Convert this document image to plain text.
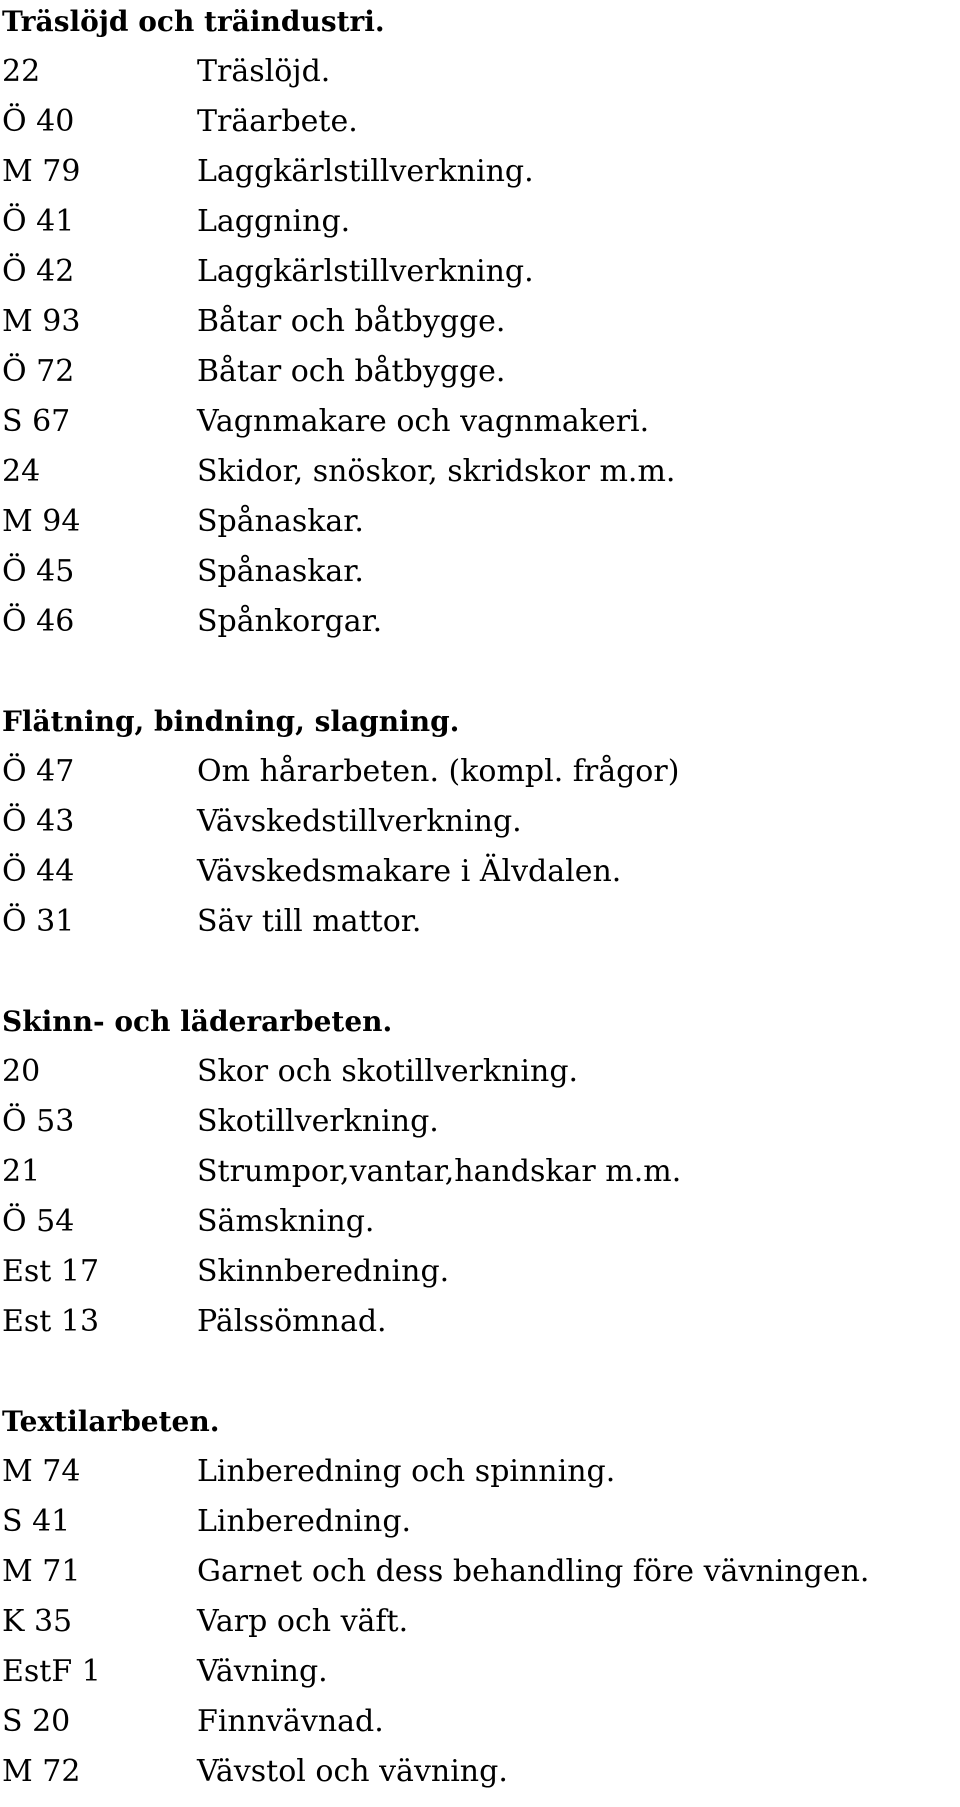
Träslöjd och träindustri.
22	Träslöjd.
Ö 40	Träarbete.
M 79	Laggkärlstillverkning.
Ö 41	Laggning.
Ö 42	Laggkärlstillverkning.
M 93	Båtar och båtbygge.
Ö 72	Båtar och båtbygge.
S 67	Vagnmakare och vagnmakeri.
24	Skidor, snöskor, skridskor m.m.
M 94	Spånaskar.
Ö 45	Spånaskar.
Ö 46	Spånkorgar.
Flätning, bindning, slagning.
Ö 47	Om hårarbeten. (kompl. frågor)
Ö 43	Vävskedstillverkning.
Ö 44	Vävskedsmakare i Älvdalen.
Ö 31	Säv till mattor.
Skinn- och läderarbeten.
20	Skor och skotillverkning.
Ö 53	Skotillverkning.
21	Strumpor,vantar,handskar m.m.
Ö 54	Sämskning.
Est 17	Skinnberedning.
Est 13	Pälssömnad.
Textilarbeten.
M 74	Linberedning och spinning.
S 41	Linberedning.
M 71	Garnet och dess behandling före vävningen.
K 35	Varp och väft.
EstF 1	Vävning.
S 20	Finnvävnad.
M 72	Vävstol och vävning.
